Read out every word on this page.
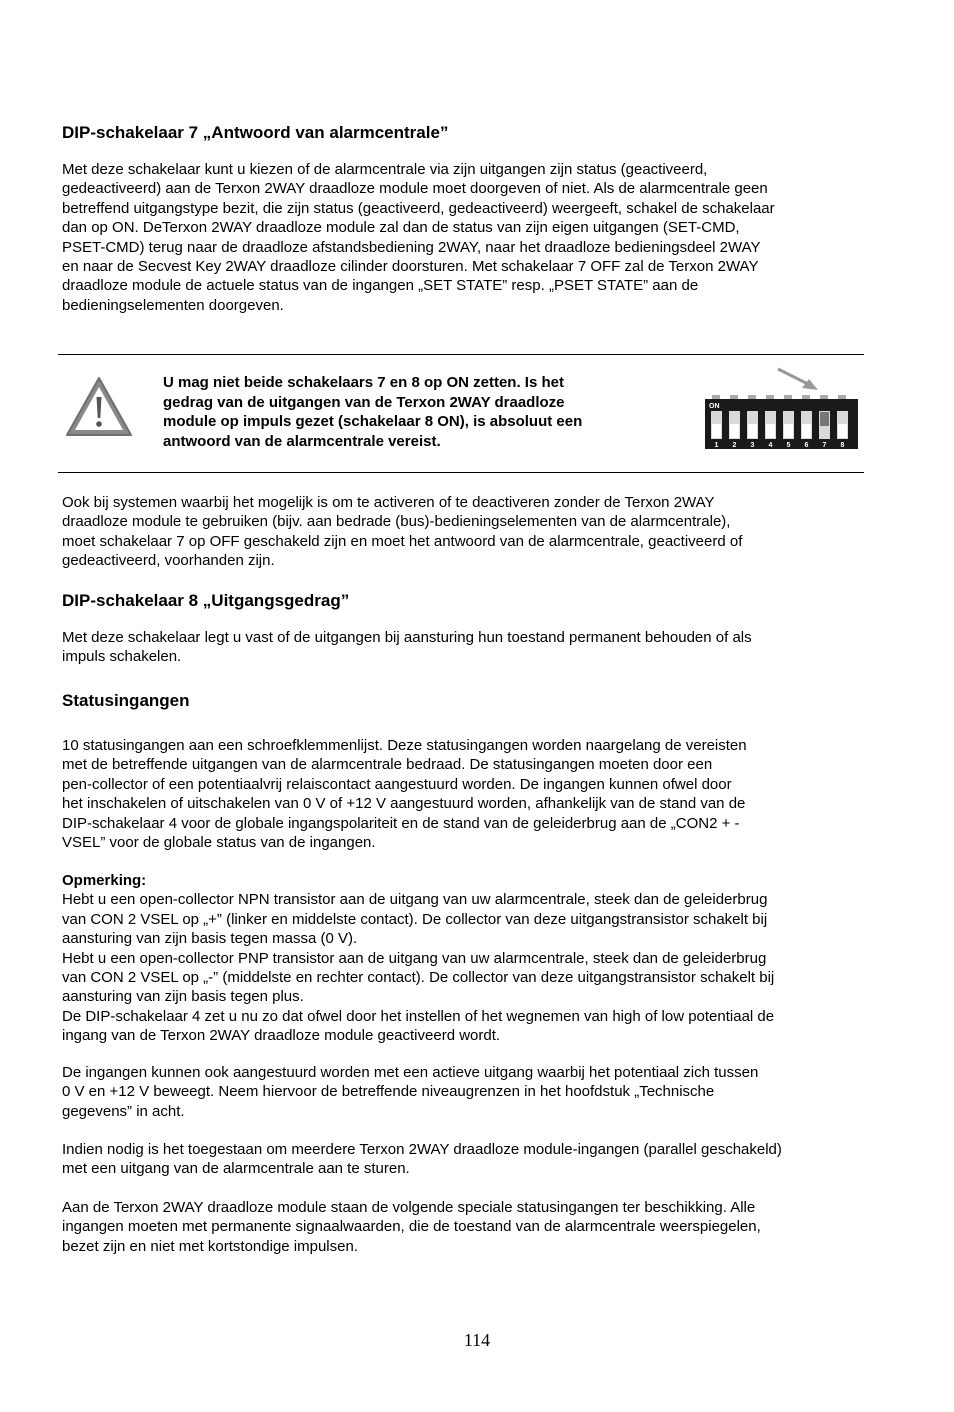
DIP-schakelaar 7 „Antwoord van alarmcentrale”

Met deze schakelaar kunt u kiezen of de alarmcentrale via zijn uitgangen zijn status (geactiveerd,
gedeactiveerd) aan de Terxon 2WAY draadloze module moet doorgeven of niet. Als de alarmcentrale geen
betreffend uitgangstype bezit, die zijn status (geactiveerd, gedeactiveerd) weergeeft, schakel de schakelaar
dan op ON. DeTerxon 2WAY draadloze module zal dan de status van zijn eigen uitgangen (SET-CMD,
PSET-CMD) terug naar de draadloze afstandsbediening 2WAY, naar het draadloze bedieningsdeel 2WAY
en naar de Secvest Key 2WAY draadloze cilinder doorsturen. Met schakelaar 7 OFF zal de Terxon 2WAY
draadloze module de actuele status van de ingangen „SET STATE” resp. „PSET STATE” aan de
bedieningselementen doorgeven.

U mag niet beide schakelaars 7 en 8 op ON zetten. Is het
gedrag van de uitgangen van de Terxon 2WAY draadloze
module op impuls gezet (schakelaar 8 ON), is absoluut een
antwoord van de alarmcentrale vereist.
ON
1 2 3 4 5 6 7 8

Ook bij systemen waarbij het mogelijk is om te activeren of te deactiveren zonder de Terxon 2WAY
draadloze module te gebruiken (bijv. aan bedrade (bus)-bedieningselementen van de alarmcentrale),
moet schakelaar 7 op OFF geschakeld zijn en moet het antwoord van de alarmcentrale, geactiveerd of
gedeactiveerd, voorhanden zijn.

DIP-schakelaar 8 „Uitgangsgedrag”

Met deze schakelaar legt u vast of de uitgangen bij aansturing hun toestand permanent behouden of als
impuls schakelen.

Statusingangen

10 statusingangen aan een schroefklemmenlijst. Deze statusingangen worden naargelang de vereisten
met de betreffende uitgangen van de alarmcentrale bedraad. De statusingangen moeten door een
pen-collector of een potentiaalvrij relaiscontact aangestuurd worden. De ingangen kunnen ofwel door
het inschakelen of uitschakelen van 0 V of +12 V aangestuurd worden, afhankelijk van de stand van de
DIP-schakelaar 4 voor de globale ingangspolariteit en de stand van de geleiderbrug aan de „CON2 + -
VSEL” voor de globale status van de ingangen.

Opmerking:
Hebt u een open-collector NPN transistor aan de uitgang van uw alarmcentrale, steek dan de geleiderbrug
van CON 2 VSEL op „+” (linker en middelste contact). De collector van deze uitgangstransistor schakelt bij
aansturing van zijn basis tegen massa (0 V).
Hebt u een open-collector PNP transistor aan de uitgang van uw alarmcentrale, steek dan de geleiderbrug
van CON 2 VSEL op „-” (middelste en rechter contact). De collector van deze uitgangstransistor schakelt bij
aansturing van zijn basis tegen plus.
De DIP-schakelaar 4 zet u nu zo dat ofwel door het instellen of het wegnemen van high of low potentiaal de
ingang van de Terxon 2WAY draadloze module geactiveerd wordt.

De ingangen kunnen ook aangestuurd worden met een actieve uitgang waarbij het potentiaal zich tussen
0 V en +12 V beweegt. Neem hiervoor de betreffende niveaugrenzen in het hoofdstuk „Technische
gegevens” in acht.

Indien nodig is het toegestaan om meerdere Terxon 2WAY draadloze module-ingangen (parallel geschakeld)
met een uitgang van de alarmcentrale aan te sturen.

Aan de Terxon 2WAY draadloze module staan de volgende speciale statusingangen ter beschikking. Alle
ingangen moeten met permanente signaalwaarden, die de toestand van de alarmcentrale weerspiegelen,
bezet zijn en niet met kortstondige impulsen.

114
